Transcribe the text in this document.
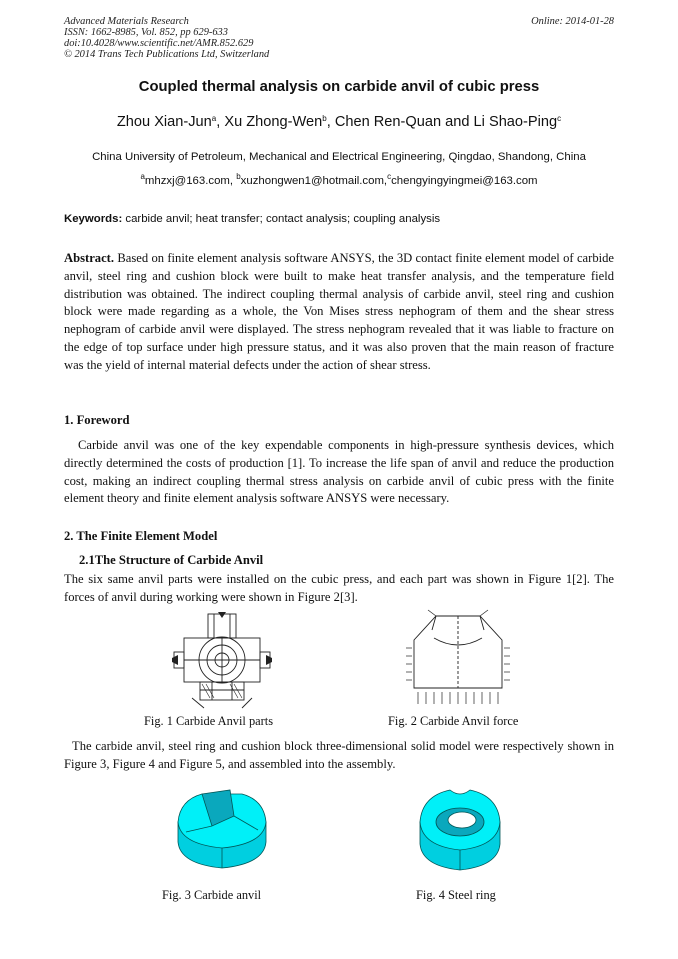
Advanced Materials Research
ISSN: 1662-8985, Vol. 852, pp 629-633
doi:10.4028/www.scientific.net/AMR.852.629
© 2014 Trans Tech Publications Ltd, Switzerland
Online: 2014-01-28
Coupled thermal analysis on carbide anvil of cubic press
Zhou Xian-Jun$^a$, Xu Zhong-Wen$^b$, Chen Ren-Quan and Li Shao-Ping$^c$
China University of Petroleum, Mechanical and Electrical Engineering, Qingdao, Shandong, China
$^a$mhzxj@163.com, $^b$xuzhongwen1@hotmail.com,$^c$chengyingyingmei@163.com
Keywords: carbide anvil; heat transfer; contact analysis; coupling analysis
Abstract. Based on finite element analysis software ANSYS, the 3D contact finite element model of carbide anvil, steel ring and cushion block were built to make heat transfer analysis, and the temperature field distribution was obtained. The indirect coupling thermal analysis of carbide anvil, steel ring and cushion block were made regarding as a whole, the Von Mises stress nephogram of them and the shear stress nephogram of carbide anvil were displayed. The stress nephogram revealed that it was liable to fracture on the edge of top surface under high pressure status, and it was also proven that the main reason of fracture was the yield of internal material defects under the action of shear stress.
1. Foreword
Carbide anvil was one of the key expendable components in high-pressure synthesis devices, which directly determined the costs of production [1]. To increase the life span of anvil and reduce the production cost, making an indirect coupling thermal stress analysis on carbide anvil of cubic press with the finite element theory and finite element analysis software ANSYS were necessary.
2. The Finite Element Model
2.1The Structure of Carbide Anvil
The six same anvil parts were installed on the cubic press, and each part was shown in Figure 1[2]. The forces of anvil during working were shown in Figure 2[3].
Fig. 1 Carbide Anvil parts	Fig. 2 Carbide Anvil force
The carbide anvil, steel ring and cushion block three-dimensional solid model were respectively shown in Figure 3, Figure 4 and Figure 5, and assembled into the assembly.
Fig. 3 Carbide anvil	Fig. 4 Steel ring
